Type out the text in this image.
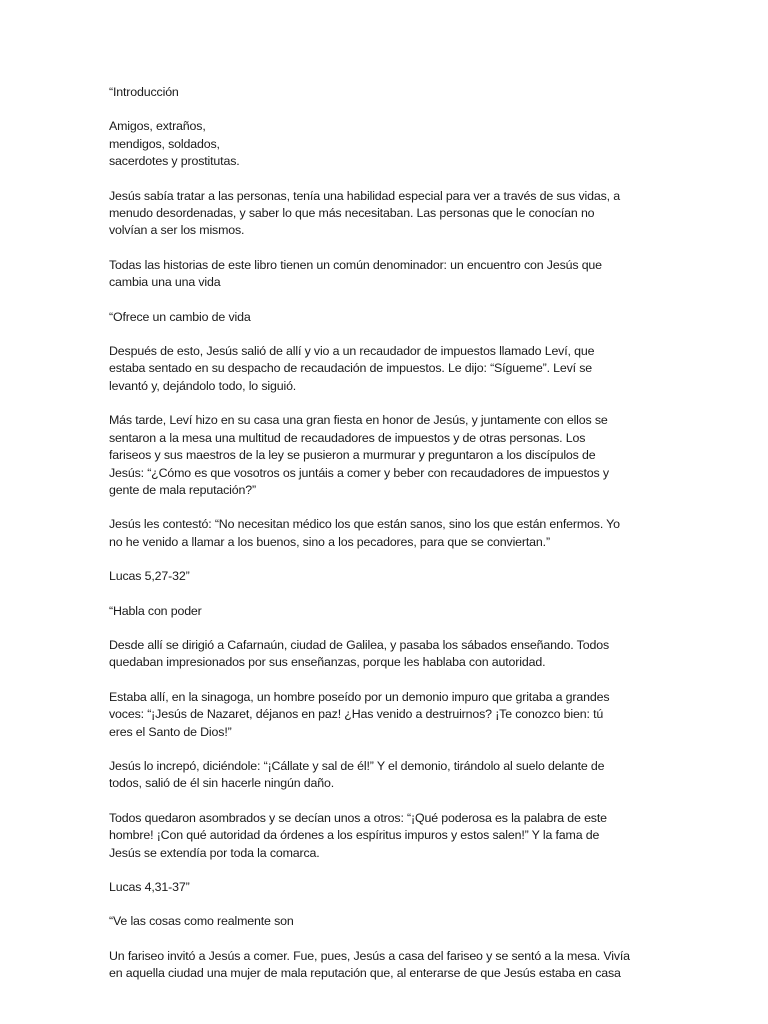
“Introducción
Amigos, extraños,
mendigos, soldados,
sacerdotes y prostitutas.
Jesús sabía tratar a las personas, tenía una habilidad especial para ver a través de sus vidas, a
menudo desordenadas, y saber lo que más necesitaban. Las personas que le conocían no
volvían a ser los mismos.
Todas las historias de este libro tienen un común denominador: un encuentro con Jesús que
cambia una una vida
“Ofrece un cambio de vida
Después de esto, Jesús salió de allí y vio a un recaudador de impuestos llamado Leví, que
estaba sentado en su despacho de recaudación de impuestos. Le dijo: “Sígueme”. Leví se
levantó y, dejándolo todo, lo siguió.
Más tarde, Leví hizo en su casa una gran fiesta en honor de Jesús, y juntamente con ellos se
sentaron a la mesa una multitud de recaudadores de impuestos y de otras personas. Los
fariseos y sus maestros de la ley se pusieron a murmurar y preguntaron a los discípulos de
Jesús: “¿Cómo es que vosotros os juntáis a comer y beber con recaudadores de impuestos y
gente de mala reputación?”
Jesús les contestó: “No necesitan médico los que están sanos, sino los que están enfermos. Yo
no he venido a llamar a los buenos, sino a los pecadores, para que se conviertan.”
Lucas 5,27-32”
“Habla con poder
Desde allí se dirigió a Cafarnaún, ciudad de Galilea, y pasaba los sábados enseñando. Todos
quedaban impresionados por sus enseñanzas, porque les hablaba con autoridad.
Estaba allí, en la sinagoga, un hombre poseído por un demonio impuro que gritaba a grandes
voces: “¡Jesús de Nazaret, déjanos en paz! ¿Has venido a destruirnos? ¡Te conozco bien: tú
eres el Santo de Dios!”
Jesús lo increpó, diciéndole: “¡Cállate y sal de él!” Y el demonio, tirándolo al suelo delante de
todos, salió de él sin hacerle ningún daño.
Todos quedaron asombrados y se decían unos a otros: “¡Qué poderosa es la palabra de este
hombre! ¡Con qué autoridad da órdenes a los espíritus impuros y estos salen!” Y la fama de
Jesús se extendía por toda la comarca.
Lucas 4,31-37”
“Ve las cosas como realmente son
Un fariseo invitó a Jesús a comer. Fue, pues, Jesús a casa del fariseo y se sentó a la mesa. Vivía
en aquella ciudad una mujer de mala reputación que, al enterarse de que Jesús estaba en casa
